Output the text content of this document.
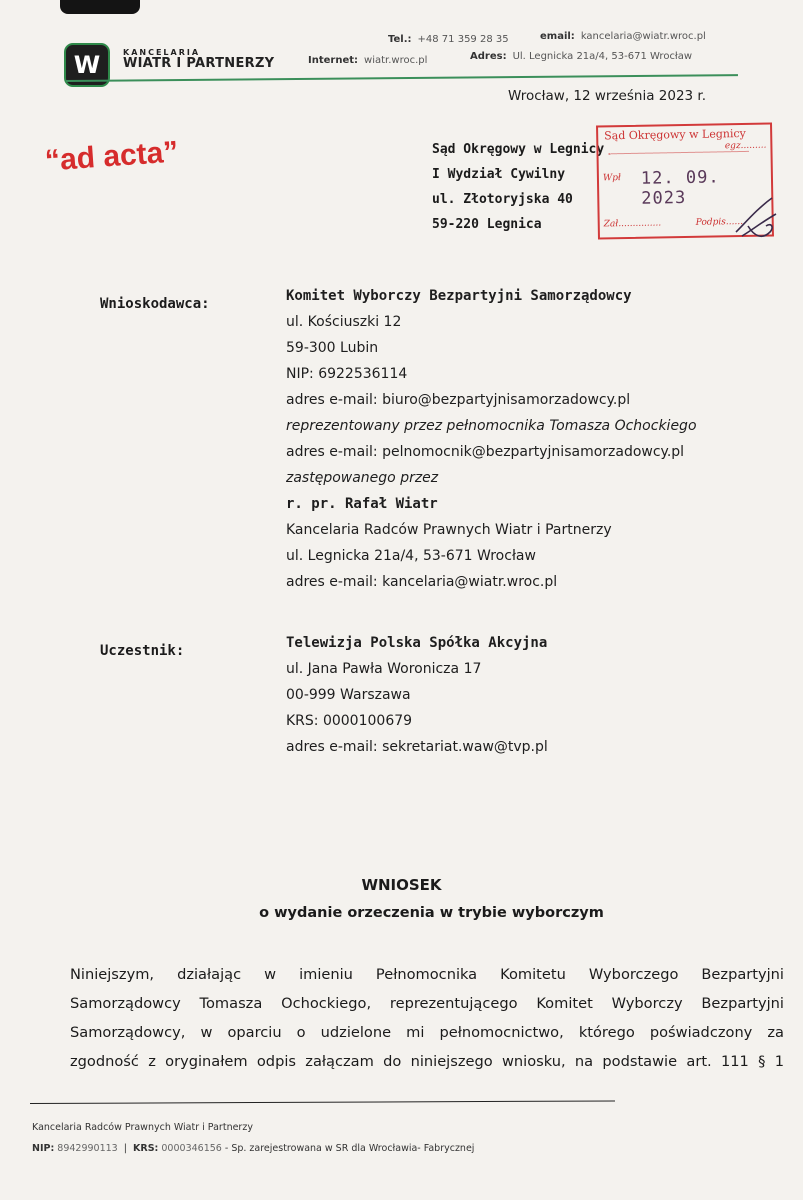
W	KANCELARIA
WIATR I PARTNERZY
Tel.: +48 71 359 28 35	email: kancelaria@wiatr.wroc.pl
Internet: wiatr.wroc.pl	Adres: Ul. Legnicka 21a/4, 53-671 Wrocław
Wrocław, 12 września 2023 r.
“ad acta”	Sąd Okręgowy w Legnicy
I Wydział Cywilny
ul. Złotoryjska 40
59-220 Legnica
Sąd Okręgowy w Legnicy
egz.........
Wpł 12. 09. 2023
Zał...............	Podpis......
Wnioskodawca:	Komitet Wyborczy Bezpartyjni Samorządowcy
ul. Kościuszki 12
59-300 Lubin
NIP: 6922536114
adres e-mail: biuro@bezpartyjnisamorzadowcy.pl
reprezentowany przez pełnomocnika Tomasza Ochockiego
adres e-mail: pelnomocnik@bezpartyjnisamorzadowcy.pl
zastępowanego przez
r. pr. Rafał Wiatr
Kancelaria Radców Prawnych Wiatr i Partnerzy
ul. Legnicka 21a/4, 53-671 Wrocław
adres e-mail: kancelaria@wiatr.wroc.pl
Uczestnik:	Telewizja Polska Spółka Akcyjna
ul. Jana Pawła Woronicza 17
00-999 Warszawa
KRS: 0000100679
adres e-mail: sekretariat.waw@tvp.pl
WNIOSEK
o wydanie orzeczenia w trybie wyborczym
Niniejszym, działając w imieniu Pełnomocnika Komitetu Wyborczego Bezpartyjni
Samorządowcy Tomasza Ochockiego, reprezentującego Komitet Wyborczy Bezpartyjni
Samorządowcy, w oparciu o udzielone mi pełnomocnictwo, którego poświadczony za
zgodność z oryginałem odpis załączam do niniejszego wniosku, na podstawie art. 111 § 1
Kancelaria Radców Prawnych Wiatr i Partnerzy
NIP: 8942990113 | KRS: 0000346156 - Sp. zarejestrowana w SR dla Wrocławia- Fabrycznej
